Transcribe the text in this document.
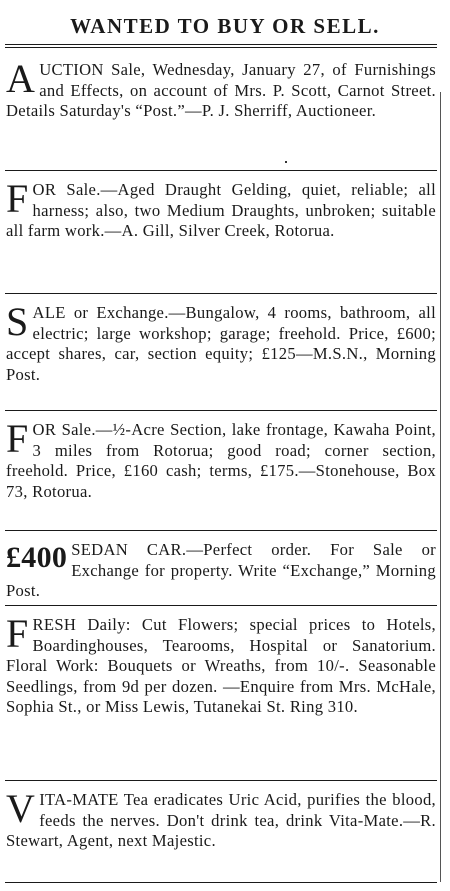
WANTED TO BUY OR SELL.
AUCTION Sale, Wednesday, January 27, of Furnishings and Effects, on account of Mrs. P. Scott, Carnot Street. Details Saturday's “Post.”—P. J. Sherriff, Auctioneer.
FOR Sale.—Aged Draught Gelding, quiet, reliable; all harness; also, two Medium Draughts, unbroken; suitable all farm work.—A. Gill, Silver Creek, Rotorua.
SALE or Exchange.—Bungalow, 4 rooms, bathroom, all electric; large workshop; garage; freehold. Price, £600; accept shares, car, section equity; £125—M.S.N., Morning Post.
FOR Sale.—½-Acre Section, lake frontage, Kawaha Point, 3 miles from Rotorua; good road; corner section, freehold. Price, £160 cash; terms, £175.—Stonehouse, Box 73, Rotorua.
£400 SEDAN CAR.—Perfect order. For Sale or Exchange for property. Write “Exchange,” Morning Post.
FRESH Daily: Cut Flowers; special prices to Hotels, Boardinghouses, Tearooms, Hospital or Sanatorium. Floral Work: Bouquets or Wreaths, from 10/-. Seasonable Seedlings, from 9d per dozen. —Enquire from Mrs. McHale, Sophia St., or Miss Lewis, Tutanekai St. Ring 310.
VITA-MATE Tea eradicates Uric Acid, purifies the blood, feeds the nerves. Don't drink tea, drink Vita-Mate.—R. Stewart, Agent, next Majestic.
